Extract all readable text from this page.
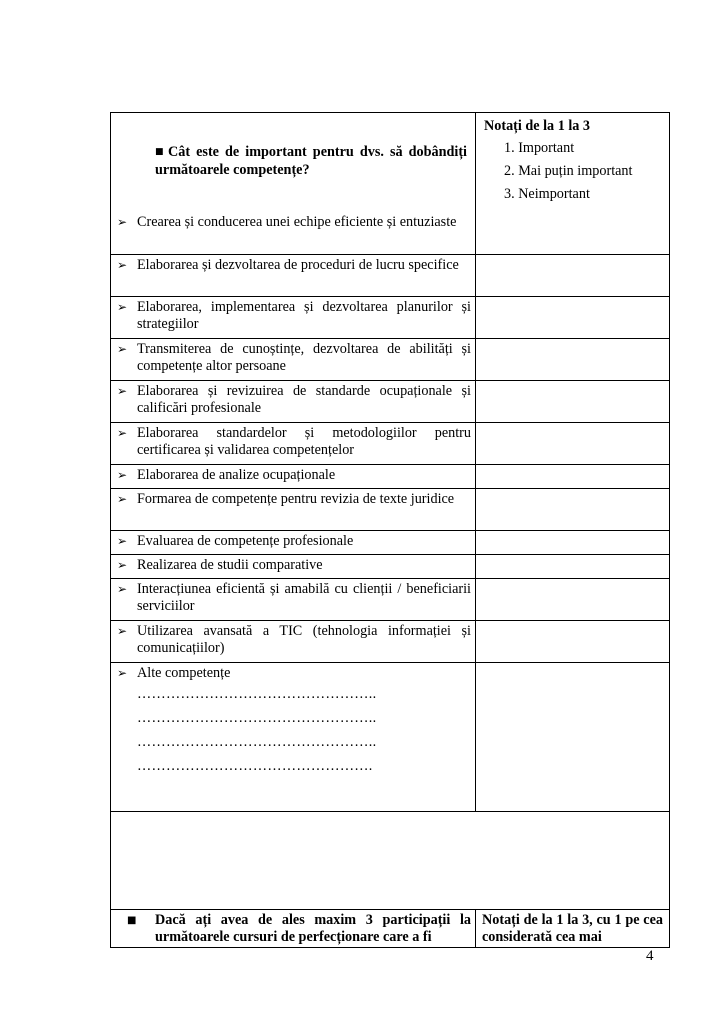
■ Cât este de important pentru dvs. să dobândiți următoarele competențe?
Notați de la 1 la 3
1. Important
2. Mai puțin important
3. Neimportant
➢ Crearea și conducerea unei echipe eficiente și entuziaste
➢ Elaborarea și dezvoltarea de proceduri de lucru specifice
➢ Elaborarea, implementarea și dezvoltarea planurilor și strategiilor
➢ Transmiterea de cunoștințe, dezvoltarea de abilități și competențe altor persoane
➢ Elaborarea și revizuirea de standarde ocupaționale și calificări profesionale
➢ Elaborarea standardelor și metodologiilor pentru certificarea și validarea competențelor
➢ Elaborarea de analize ocupaționale
➢ Formarea de competențe pentru revizia de texte juridice
➢ Evaluarea de competențe profesionale
➢ Realizarea de studii comparative
➢ Interacțiunea eficientă și amabilă cu clienții / beneficiarii serviciilor
➢ Utilizarea avansată a TIC (tehnologia informației și comunicațiilor)
➢ Alte competențe
…………………………………………..
…………………………………………..
…………………………………………..
………………………………………….
■	Dacă ați avea de ales maxim 3 participații la următoarele cursuri de perfecționare care a fi
Notați de la 1 la 3, cu 1 pe cea considerată cea mai
4
